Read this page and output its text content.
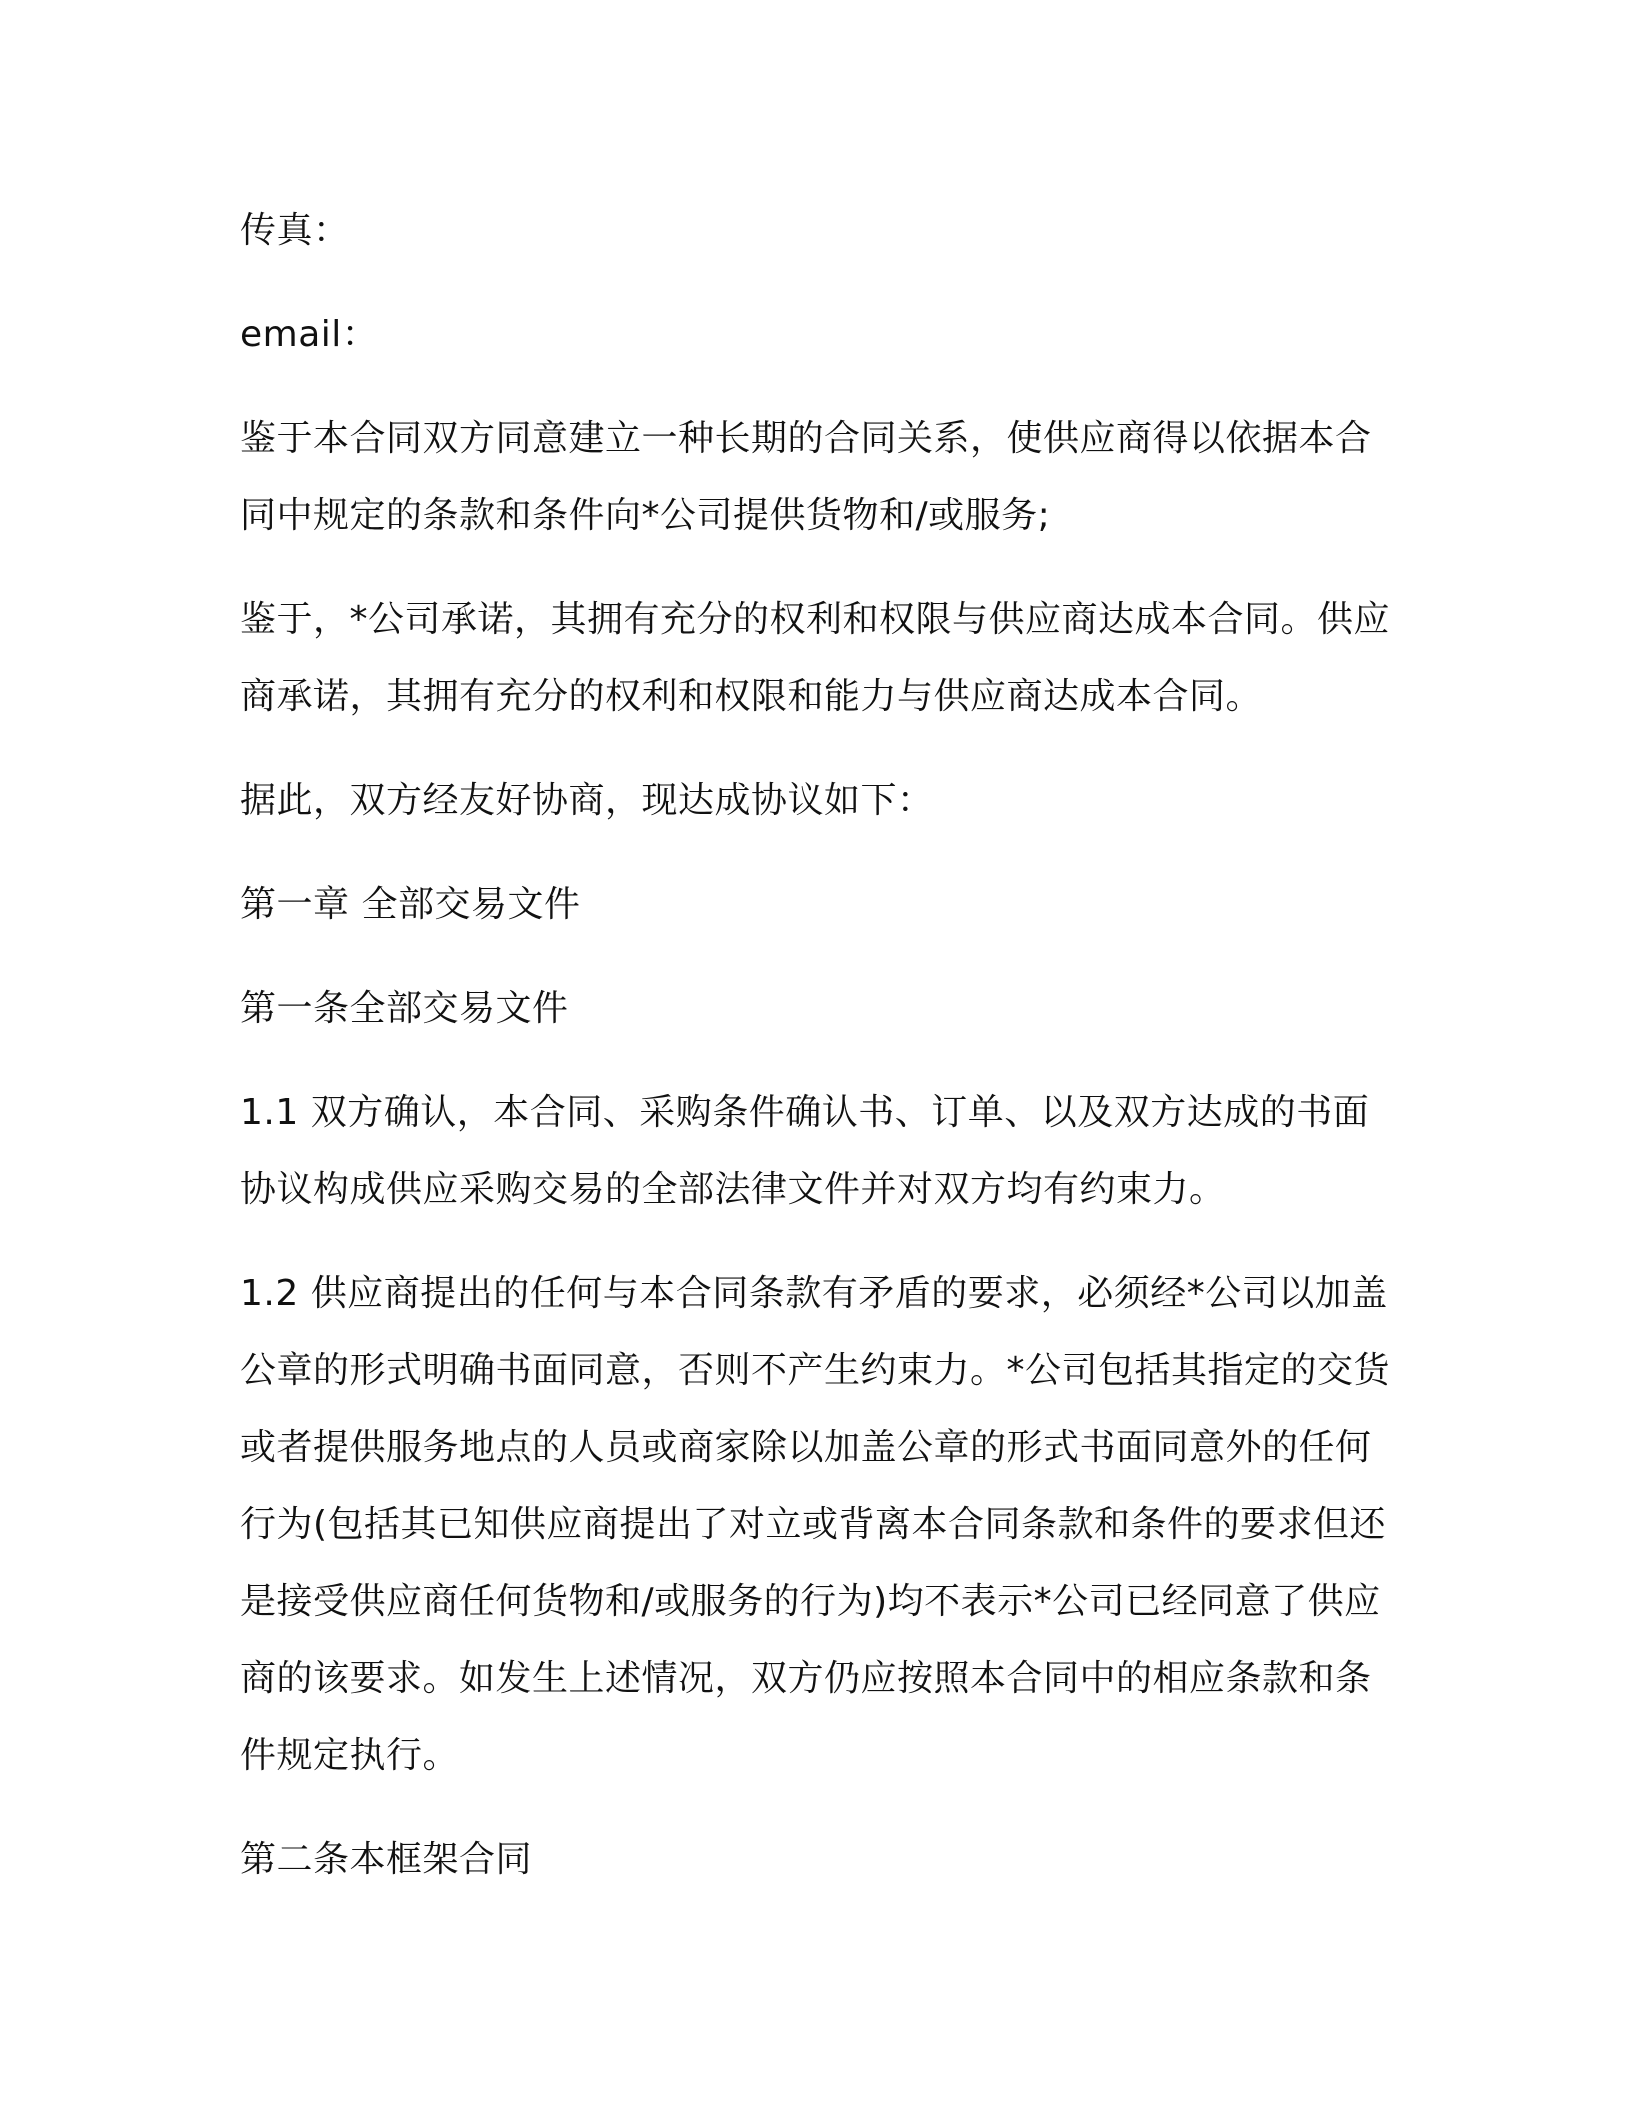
传真：

email：

鉴于本合同双方同意建立一种长期的合同关系，使供应商得以依据本合同中规定的条款和条件向*公司提供货物和/或服务;

鉴于，*公司承诺，其拥有充分的权利和权限与供应商达成本合同。供应商承诺，其拥有充分的权利和权限和能力与供应商达成本合同。

据此，双方经友好协商，现达成协议如下：

第一章 全部交易文件

第一条全部交易文件

1.1 双方确认，本合同、采购条件确认书、订单、以及双方达成的书面协议构成供应采购交易的全部法律文件并对双方均有约束力。

1.2 供应商提出的任何与本合同条款有矛盾的要求，必须经*公司以加盖公章的形式明确书面同意，否则不产生约束力。*公司包括其指定的交货或者提供服务地点的人员或商家除以加盖公章的形式书面同意外的任何行为(包括其已知供应商提出了对立或背离本合同条款和条件的要求但还是接受供应商任何货物和/或服务的行为)均不表示*公司已经同意了供应商的该要求。如发生上述情况，双方仍应按照本合同中的相应条款和条件规定执行。

第二条本框架合同
